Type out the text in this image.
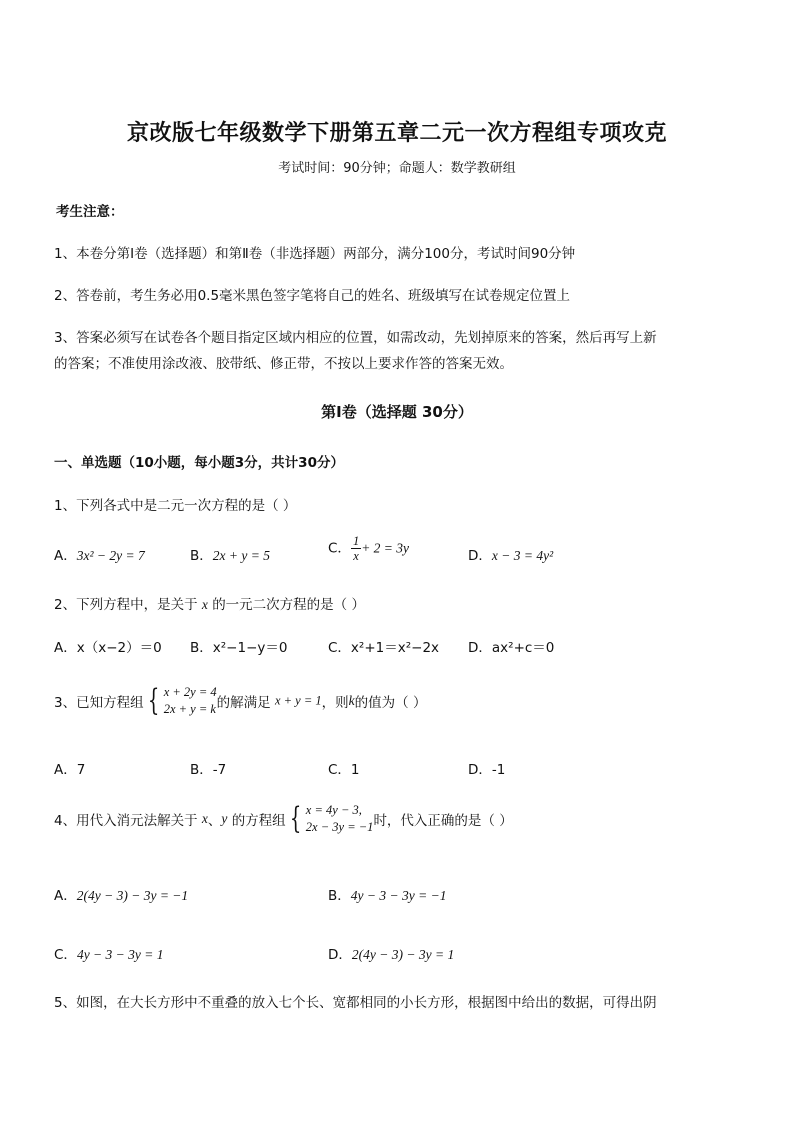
京改版七年级数学下册第五章二元一次方程组专项攻克
考试时间：90分钟；命题人：数学教研组
考生注意：
1、本卷分第Ⅰ卷（选择题）和第Ⅱ卷（非选择题）两部分，满分100分，考试时间90分钟
2、答卷前，考生务必用0.5毫米黑色签字笔将自己的姓名、班级填写在试卷规定位置上
3、答案必须写在试卷各个题目指定区域内相应的位置，如需改动，先划掉原来的答案，然后再写上新
的答案；不准使用涂改液、胶带纸、修正带，不按以上要求作答的答案无效。
第Ⅰ卷（选择题 30分）
一、单选题（10小题，每小题3分，共计30分）
1、下列各式中是二元一次方程的是（ ）
A．3x² − 2y = 7	B．2x + y = 5	C． $\frac{1}{x} + 2 = 3y$	D．x − 3 = 4y²
2、下列方程中，是关于 x 的一元二次方程的是（ ）
A．x（x−2）＝0 B．x²−1−y＝0	C．x²+1＝x²−2x D．ax²+c＝0
3、已知方程组 { x + 2y = 4
2x + y = k 的解满足 x + y = 1，则k的值为（ ）
A．7	B．-7	C．1	D．-1
4、用代入消元法解关于 x、y 的方程组 { x = 4y − 3,
2x − 3y = −1 时，代入正确的是（ ）
A．2(4y − 3) − 3y = −1	B．4y − 3 − 3y = −1
C．4y − 3 − 3y = 1	D．2(4y − 3) − 3y = 1
5、如图，在大长方形中不重叠的放入七个长、宽都相同的小长方形，根据图中给出的数据，可得出阴
